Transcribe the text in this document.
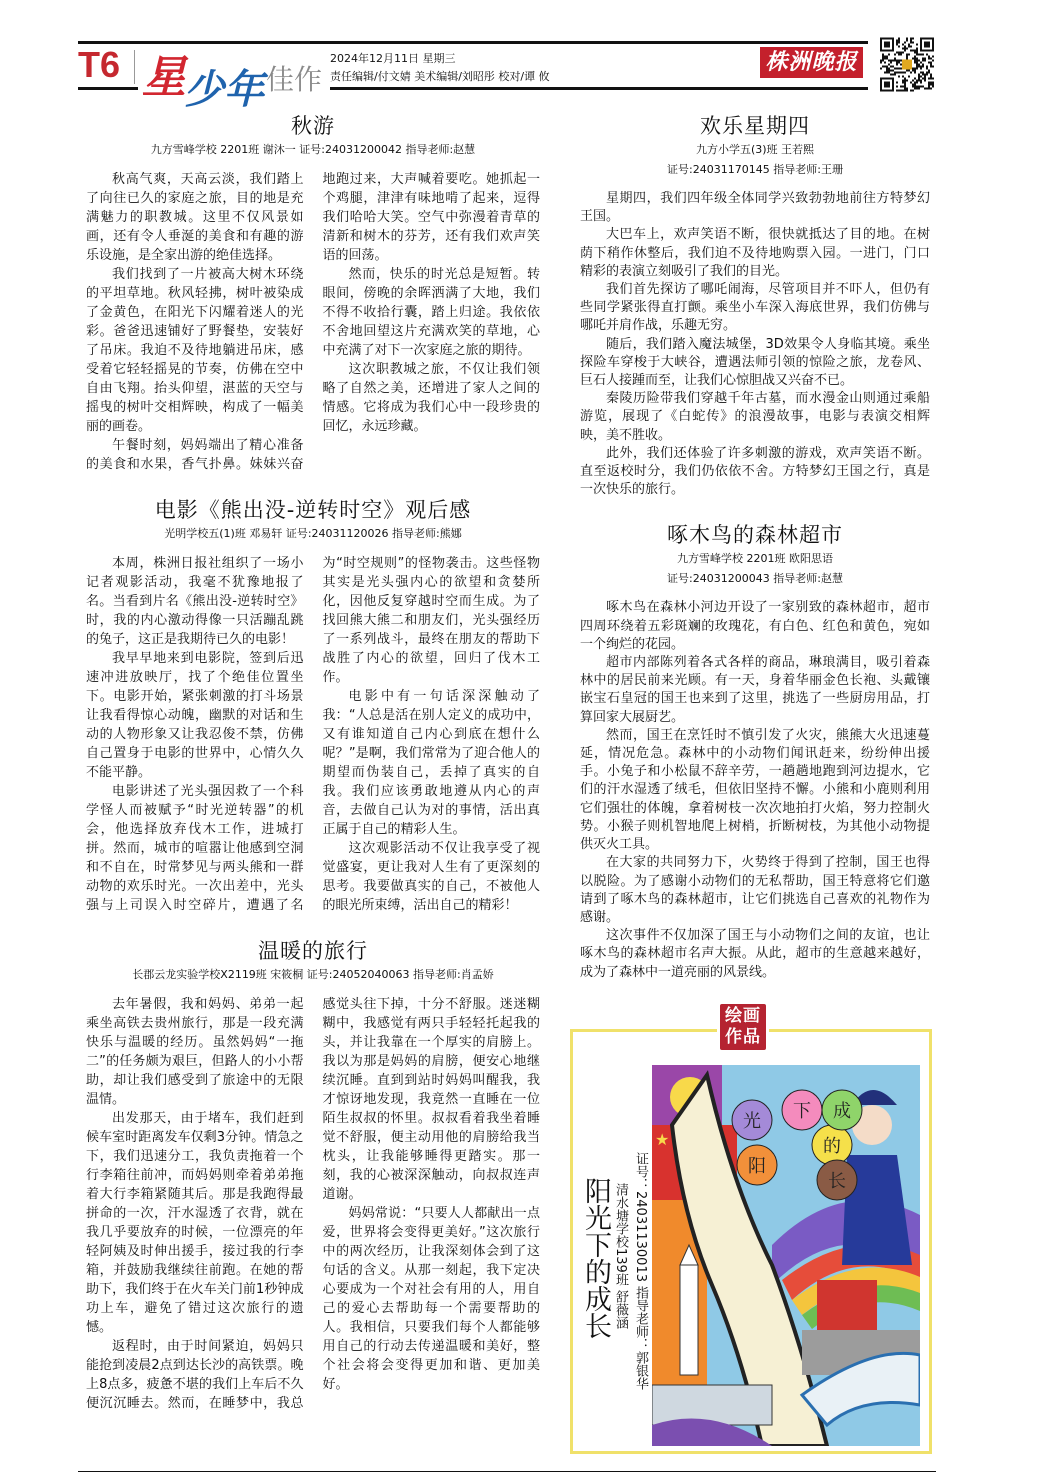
T6 星
少年 佳作
2024年12月11日 星期三
责任编辑/付文婧 美术编辑/刘昭彤 校对/谭 攸
株洲晚报
秋游
九方雪峰学校 2201班 谢沐一 证号:24031200042 指导老师:赵慧

秋高气爽，天高云淡，我们踏上了向往已久的家庭之旅，目的地是充满魅力的职教城。这里不仅风景如画，还有令人垂涎的美食和有趣的游乐设施，是全家出游的绝佳选择。

我们找到了一片被高大树木环绕的平坦草地。秋风轻拂，树叶被染成了金黄色，在阳光下闪耀着迷人的光彩。爸爸迅速铺好了野餐垫，安装好了吊床。我迫不及待地躺进吊床，感受着它轻轻摇晃的节奏，仿佛在空中自由飞翔。抬头仰望，湛蓝的天空与摇曳的树叶交相辉映，构成了一幅美丽的画卷。

午餐时刻，妈妈端出了精心准备的美食和水果，香气扑鼻。妹妹兴奋地跑过来，大声喊着要吃。她抓起一个鸡腿，津津有味地啃了起来，逗得我们哈哈大笑。空气中弥漫着青草的清新和树木的芬芳，还有我们欢声笑语的回荡。

然而，快乐的时光总是短暂。转眼间，傍晚的余晖洒满了大地，我们不得不收拾行囊，踏上归途。我依依不舍地回望这片充满欢笑的草地，心中充满了对下一次家庭之旅的期待。

这次职教城之旅，不仅让我们领略了自然之美，还增进了家人之间的情感。它将成为我们心中一段珍贵的回忆，永远珍藏。

电影《熊出没-逆转时空》观后感
光明学校五(1)班 邓易轩 证号:24031120026 指导老师:熊娜

本周，株洲日报社组织了一场小记者观影活动，我毫不犹豫地报了名。当看到片名《熊出没-逆转时空》时，我的内心激动得像一只活蹦乱跳的兔子，这正是我期待已久的电影！

我早早地来到电影院，签到后迅速冲进放映厅，找了个绝佳位置坐下。电影开始，紧张刺激的打斗场景让我看得惊心动魄，幽默的对话和生动的人物形象又让我忍俊不禁，仿佛自己置身于电影的世界中，心情久久不能平静。

电影讲述了光头强因救了一个科学怪人而被赋予“时光逆转器”的机会，他选择放弃伐木工作，进城打拼。然而，城市的喧嚣让他感到空洞和不自在，时常梦见与两头熊和一群动物的欢乐时光。一次出差中，光头强与上司误入时空碎片，遭遇了名为“时空规则”的怪物袭击。这些怪物其实是光头强内心的欲望和贪婪所化，因他反复穿越时空而生成。为了找回熊大熊二和朋友们，光头强经历了一系列战斗，最终在朋友的帮助下战胜了内心的欲望，回归了伐木工作。

电影中有一句话深深触动了我：“人总是活在别人定义的成功中，又有谁知道自己内心到底在想什么呢？”是啊，我们常常为了迎合他人的期望而伪装自己，丢掉了真实的自我。我们应该勇敢地遵从内心的声音，去做自己认为对的事情，活出真正属于自己的精彩人生。

这次观影活动不仅让我享受了视觉盛宴，更让我对人生有了更深刻的思考。我要做真实的自己，不被他人的眼光所束缚，活出自己的精彩！

温暖的旅行
长郡云龙实验学校X2119班 宋筱桐 证号:24052040063 指导老师:肖孟娇

去年暑假，我和妈妈、弟弟一起乘坐高铁去贵州旅行，那是一段充满快乐与温暖的经历。虽然妈妈“一拖二”的任务颇为艰巨，但路人的小小帮助，却让我们感受到了旅途中的无限温情。

出发那天，由于堵车，我们赶到候车室时距离发车仅剩3分钟。情急之下，我们迅速分工，我负责拖着一个行李箱往前冲，而妈妈则牵着弟弟拖着大行李箱紧随其后。那是我跑得最拼命的一次，汗水湿透了衣背，就在我几乎要放弃的时候，一位漂亮的年轻阿姨及时伸出援手，接过我的行李箱，并鼓励我继续往前跑。在她的帮助下，我们终于在火车关门前1秒钟成功上车，避免了错过这次旅行的遗憾。

返程时，由于时间紧迫，妈妈只能抢到凌晨2点到达长沙的高铁票。晚上8点多，疲惫不堪的我们上车后不久便沉沉睡去。然而，在睡梦中，我总感觉头往下掉，十分不舒服。迷迷糊糊中，我感觉有两只手轻轻托起我的头，并让我靠在一个厚实的肩膀上。我以为那是妈妈的肩膀，便安心地继续沉睡。直到到站时妈妈叫醒我，我才惊讶地发现，我竟然一直睡在一位陌生叔叔的怀里。叔叔看着我坐着睡觉不舒服，便主动用他的肩膀给我当枕头，让我能够睡得更踏实。那一刻，我的心被深深触动，向叔叔连声道谢。

妈妈常说：“只要人人都献出一点爱，世界将会变得更美好。”这次旅行中的两次经历，让我深刻体会到了这句话的含义。从那一刻起，我下定决心要成为一个对社会有用的人，用自己的爱心去帮助每一个需要帮助的人。我相信，只要我们每个人都能够用自己的行动去传递温暖和美好，整个社会将会变得更加和谐、更加美好。

欢乐星期四
九方小学五(3)班 王若熙
证号:24031170145 指导老师:王珊

星期四，我们四年级全体同学兴致勃勃地前往方特梦幻王国。

大巴车上，欢声笑语不断，很快就抵达了目的地。在树荫下稍作休整后，我们迫不及待地购票入园。一进门，门口精彩的表演立刻吸引了我们的目光。

我们首先探访了哪吒闹海，尽管项目并不吓人，但仍有些同学紧张得直打颤。乘坐小车深入海底世界，我们仿佛与哪吒并肩作战，乐趣无穷。

随后，我们踏入魔法城堡，3D效果令人身临其境。乘坐探险车穿梭于大峡谷，遭遇法师引领的惊险之旅，龙卷风、巨石人接踵而至，让我们心惊胆战又兴奋不已。

秦陵历险带我们穿越千年古墓，而水漫金山则通过乘船游览，展现了《白蛇传》的浪漫故事，电影与表演交相辉映，美不胜收。

此外，我们还体验了许多刺激的游戏，欢声笑语不断。直至返校时分，我们仍依依不舍。方特梦幻王国之行，真是一次快乐的旅行。

啄木鸟的森林超市
九方雪峰学校 2201班 欧阳思语
证号:24031200043 指导老师:赵慧

啄木鸟在森林小河边开设了一家别致的森林超市，超市四周环绕着五彩斑斓的玫瑰花，有白色、红色和黄色，宛如一个绚烂的花园。

超市内部陈列着各式各样的商品，琳琅满目，吸引着森林中的居民前来光顾。有一天，身着华丽金色长袍、头戴镶嵌宝石皇冠的国王也来到了这里，挑选了一些厨房用品，打算回家大展厨艺。

然而，国王在烹饪时不慎引发了火灾，熊熊大火迅速蔓延，情况危急。森林中的小动物们闻讯赶来，纷纷伸出援手。小兔子和小松鼠不辞辛劳，一趟趟地跑到河边提水，它们的汗水湿透了绒毛，但依旧坚持不懈。小熊和小鹿则利用它们强壮的体魄，拿着树枝一次次地拍打火焰，努力控制火势。小猴子则机智地爬上树梢，折断树枝，为其他小动物提供灭火工具。

在大家的共同努力下，火势终于得到了控制，国王也得以脱险。为了感谢小动物们的无私帮助，国王特意将它们邀请到了啄木鸟的森林超市，让它们挑选自己喜欢的礼物作为感谢。

这次事件不仅加深了国王与小动物们之间的友谊，也让啄木鸟的森林超市名声大振。从此，超市的生意越来越好，成为了森林中一道亮丽的风景线。

绘画
作品
阳光下的成长 清水塘学校139班 舒薇涵 证号：24031130013 指导老师：郭银华
★
阳
光 下
的
成
长
